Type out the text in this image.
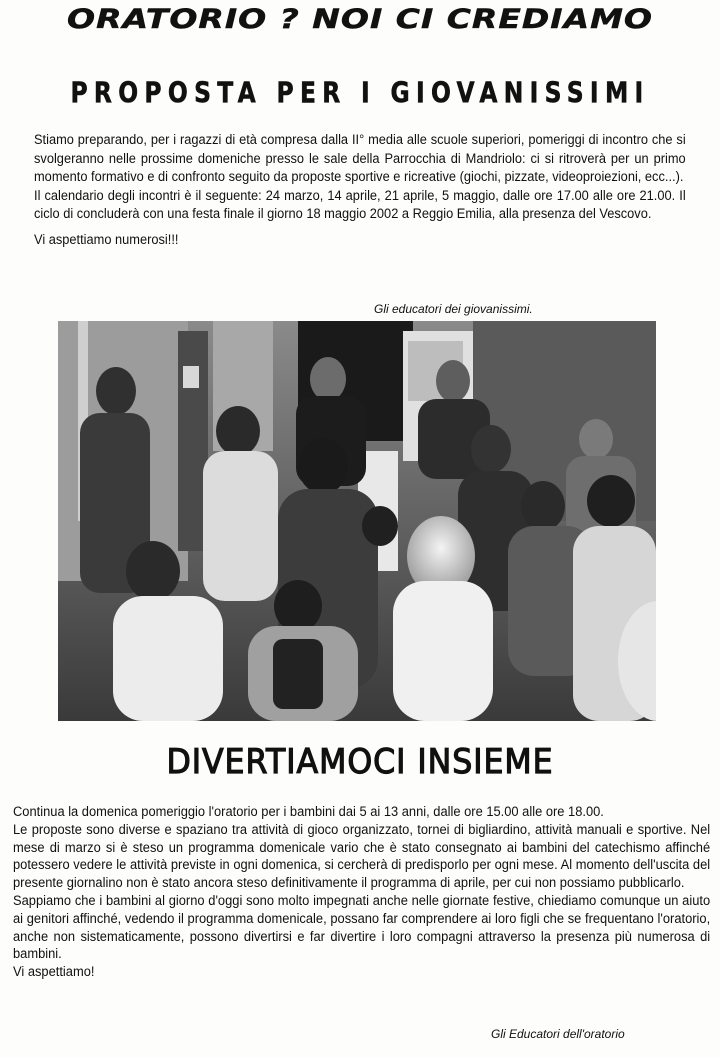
ORATORIO ? NOI CI CREDIAMO
PROPOSTA PER I GIOVANISSIMI

Stiamo preparando, per i ragazzi di età compresa dalla II° media alle scuole superiori, pomeriggi di incontro che si svolgeranno nelle prossime domeniche presso le sale della Parrocchia di Mandriolo: ci si ritroverà per un primo momento formativo e di confronto seguito da proposte sportive e ricreative (giochi, pizzate, videoproiezioni, ecc...).

Il calendario degli incontri è il seguente: 24 marzo, 14 aprile, 21 aprile, 5 maggio, dalle ore 17.00 alle ore 21.00. Il ciclo di concluderà con una festa finale il giorno 18 maggio 2002 a Reggio Emilia, alla presenza del Vescovo.

Vi aspettiamo numerosi!!!

Gli educatori dei giovanissimi.
DIVERTIAMOCI INSIEME

Continua la domenica pomeriggio l'oratorio per i bambini dai 5 ai 13 anni, dalle ore 15.00 alle ore 18.00.

Le proposte sono diverse e spaziano tra attività di gioco organizzato, tornei di bigliardino, attività manuali e sportive. Nel mese di marzo si è steso un programma domenicale vario che è stato consegnato ai bambini del catechismo affinché potessero vedere le attività previste in ogni domenica, si cercherà di predisporlo per ogni mese. Al momento dell'uscita del presente giornalino non è stato ancora steso definitivamente il programma di aprile, per cui non possiamo pubblicarlo.

Sappiamo che i bambini al giorno d'oggi sono molto impegnati anche nelle giornate festive, chiediamo comunque un aiuto ai genitori affinché, vedendo il programma domenicale, possano far comprendere ai loro figli che se frequentano l'oratorio, anche non sistematicamente, possono divertirsi e far divertire i loro compagni attraverso la presenza più numerosa di bambini.

Vi aspettiamo!

Gli Educatori dell'oratorio
